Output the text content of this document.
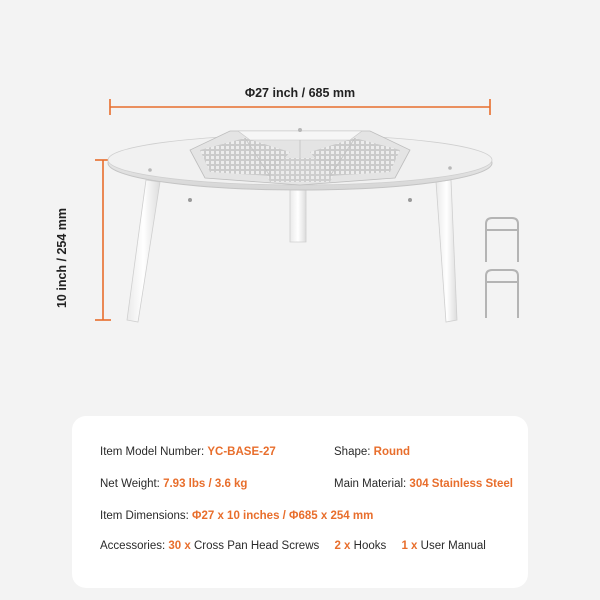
Φ27 inch / 685 mm
10 inch / 254 mm
Item Model Number: YC-BASE-27	Shape: Round
Net Weight: 7.93 lbs / 3.6 kg	Main Material: 304 Stainless Steel
Item Dimensions: Φ27 x 10 inches / Φ685 x 254 mm
Accessories: 30 x Cross Pan Head Screws 2 x Hooks 1 x User Manual
